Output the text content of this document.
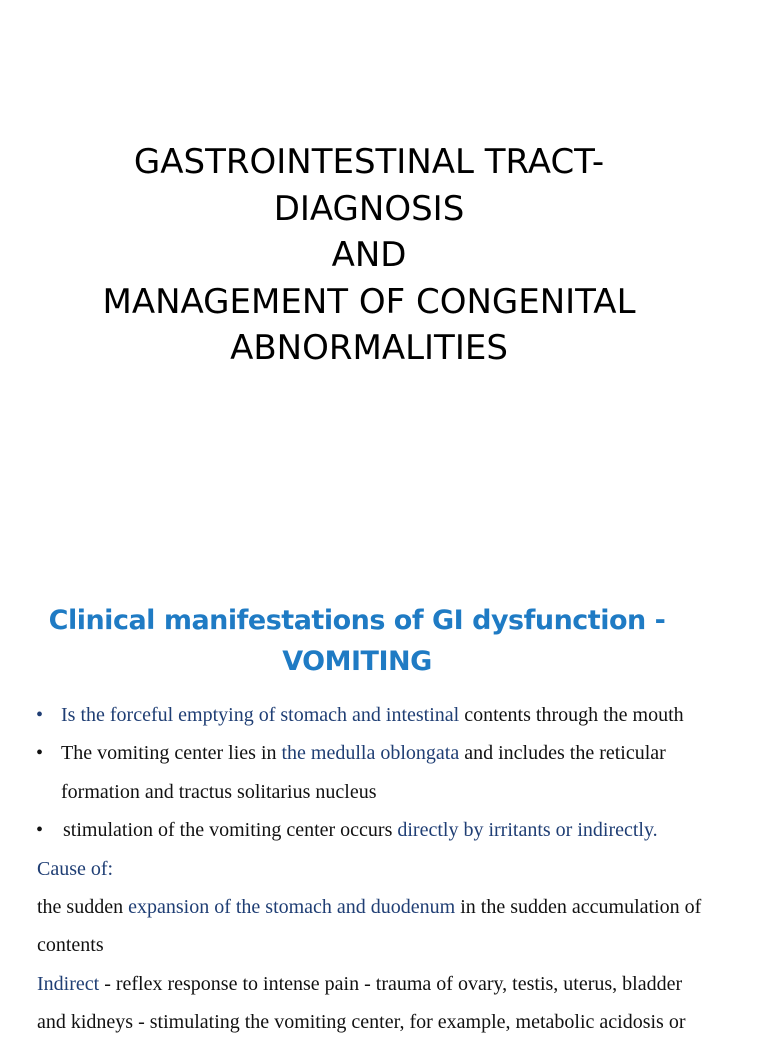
GASTROINTESTINAL TRACT-
DIAGNOSIS
AND
MANAGEMENT OF CONGENITAL
ABNORMALITIES
Clinical manifestations of GI dysfunction -
VOMITING
• Is the forceful emptying of stomach and intestinal contents through the mouth
• The vomiting center lies in the medulla oblongata and includes the reticular
formation and tractus solitarius nucleus
• stimulation of the vomiting center occurs directly by irritants or indirectly.
Cause of:
the sudden expansion of the stomach and duodenum in the sudden accumulation of
contents
Indirect - reflex response to intense pain - trauma of ovary, testis, uterus, bladder
and kidneys - stimulating the vomiting center, for example, metabolic acidosis or
